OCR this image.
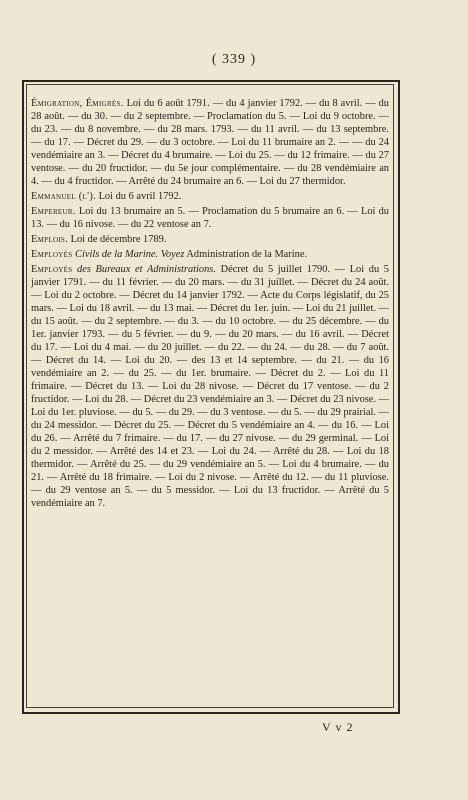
( 339 )

Émigration, Émigrés. Loi du 6 août 1791. — du 4 janvier 1792. — du 8 avril. — du 28 août. — du 30. — du 2 septembre. — Proclamation du 5. — Loi du 9 octobre. — du 23. — du 8 novembre. — du 28 mars. 1793. — du 11 avril. — du 13 septembre. — du 17. — Décret du 29. — du 3 octobre. — Loi du 11 brumaire an 2. — — du 24 vendémiaire an 3. — Décret du 4 brumaire. — Loi du 25. — du 12 frimaire. — du 27 ventose. — du 20 fructidor. — du 5e jour complémentaire. — du 28 vendémiaire an 4. — du 4 fructidor. — Arrêté du 24 brumaire an 6. — Loi du 27 thermidor.

Emmanuel (l'). Loi du 6 avril 1792.

Empereur. Loi du 13 brumaire an 5. — Proclamation du 5 brumaire an 6. — Loi du 13. — du 16 nivose. — du 22 ventose an 7.

Emplois. Loi de décembre 1789.

Employés Civils de la Marine. Voyez Administration de la Marine.

Employés des Bureaux et Administrations. Décret du 5 juillet 1790. — Loi du 5 janvier 1791. — du 11 février. — du 20 mars. — du 31 juillet. — Décret du 24 août. — Loi du 2 octobre. — Décret du 14 janvier 1792. — Acte du Corps législatif, du 25 mars. — Loi du 18 avril. — du 13 mai. — Décret du 1er. juin. — Loi du 21 juillet. — du 15 août. — du 2 septembre. — du 3. — du 10 octobre. — du 25 décembre. — du 1er. janvier 1793. — du 5 février. — du 9. — du 20 mars. — du 16 avril. — Décret du 17. — Loi du 4 mai. — du 20 juillet. — du 22. — du 24. — du 28. — du 7 août. — Décret du 14. — Loi du 20. — des 13 et 14 septembre. — du 21. — du 16 vendémiaire an 2. — du 25. — du 1er. brumaire. — Décret du 2. — Loi du 11 frimaire. — Décret du 13. — Loi du 28 nivose. — Décret du 17 ventose. — du 2 fructidor. — Loi du 28. — Décret du 23 vendémiaire an 3. — Décret du 23 nivose. — Loi du 1er. pluviose. — du 5. — du 29. — du 3 ventose. — du 5. — du 29 prairial. — du 24 messidor. — Décret du 25. — Décret du 5 vendémiaire an 4. — du 16. — Loi du 26. — Arrêté du 7 frimaire. — du 17. — du 27 nivose. — du 29 germinal. — Loi du 2 messidor. — Arrêté des 14 et 23. — Loi du 24. — Arrêté du 28. — Loi du 18 thermidor. — Arrêté du 25. — du 29 vendémiaire an 5. — Loi du 4 brumaire. — du 21. — Arrêté du 18 frimaire. — Loi du 2 nivose. — Arrêté du 12. — du 11 pluviose. — du 29 ventose an 5. — du 5 messidor. — Loi du 13 fructidor. — Arrêté du 5 vendémiaire an 7.

V v 2
